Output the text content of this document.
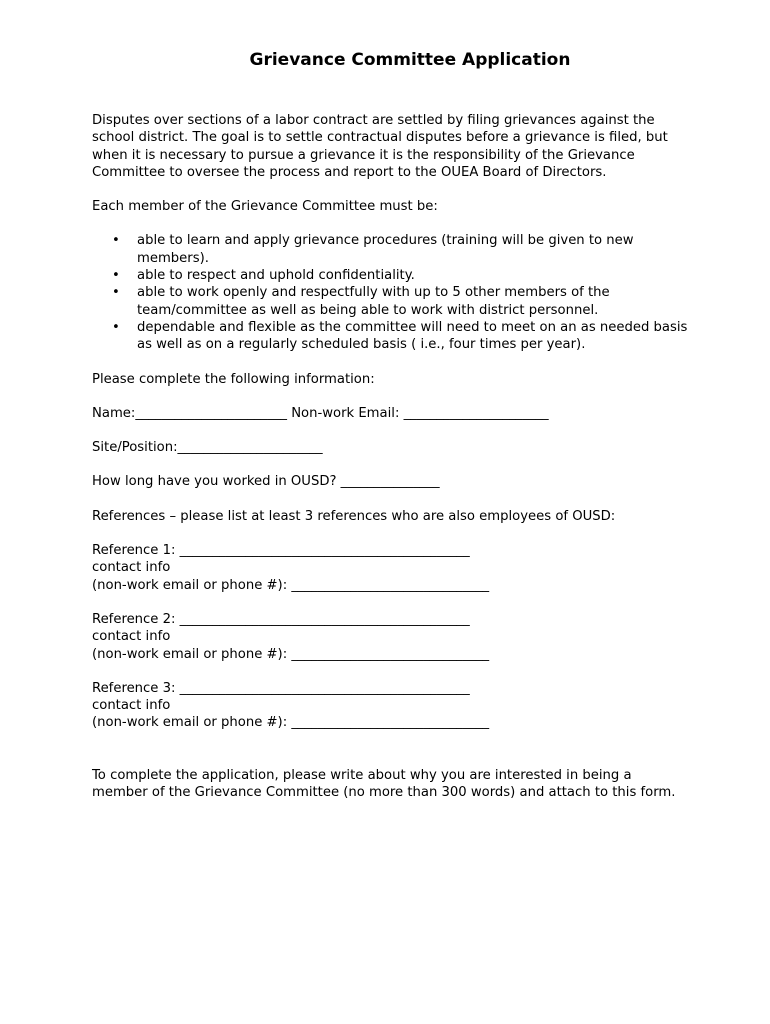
Grievance Committee Application

Disputes over sections of a labor contract are settled by filing grievances against the school district. The goal is to settle contractual disputes before a grievance is filed, but when it is necessary to pursue a grievance it is the responsibility of the Grievance Committee to oversee the process and report to the OUEA Board of Directors.

Each member of the Grievance Committee must be:

• able to learn and apply grievance procedures (training will be given to new members).
• able to respect and uphold confidentiality.
• able to work openly and respectfully with up to 5 other members of the team/committee as well as being able to work with district personnel.
• dependable and flexible as the committee will need to meet on an as needed basis as well as on a regularly scheduled basis ( i.e., four times per year).

Please complete the following information:

Name:_______________________ Non-work Email: ______________________

Site/Position:______________________

How long have you worked in OUSD? _______________

References – please list at least 3 references who are also employees of OUSD:

Reference 1: ____________________________________________

contact info

(non-work email or phone #): ______________________________

Reference 2: ____________________________________________

contact info

(non-work email or phone #): ______________________________

Reference 3: ____________________________________________

contact info

(non-work email or phone #): ______________________________

To complete the application, please write about why you are interested in being a member of the Grievance Committee (no more than 300 words) and attach to this form.
